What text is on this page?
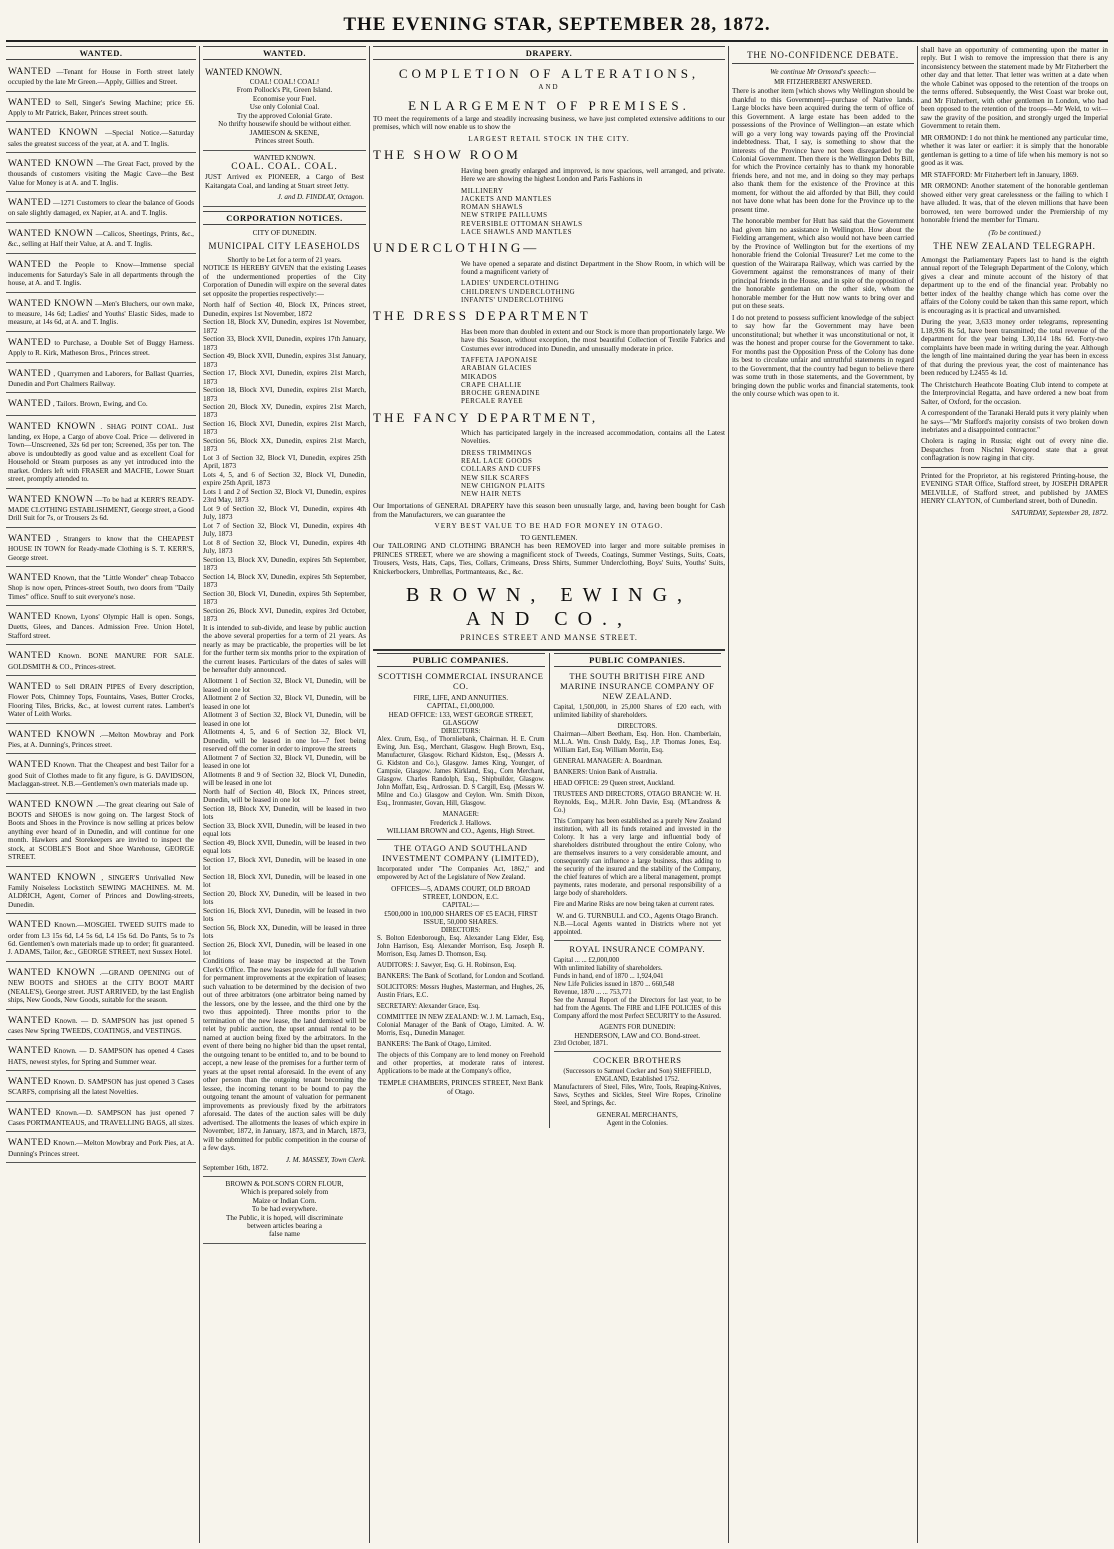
THE EVENING STAR, SEPTEMBER 28, 1872.
WANTED.
WANTED —Tenant for House in Forth street lately occupied by the late Mr Green.—Apply, Gillies and Street.
WANTED to Sell, Singer's Sewing Machine; price £6. Apply to Mr Patrick, Baker, Princes street south.
WANTED KNOWN —Special Notice.—Saturday sales the greatest success of the year, at A. and T. Inglis.
WANTED KNOWN —The Great Fact, proved by the thousands of customers visiting the Magic Cave—the Best Value for Money is at A. and T. Inglis.
WANTED —1271 Customers to clear the balance of Goods on sale slightly damaged, ex Napier, at A. and T. Inglis.
WANTED KNOWN —Calicos, Sheetings, Prints, &c., &c., selling at Half their Value, at A. and T. Inglis.
WANTED the People to Know—Immense special inducements for Saturday's Sale in all departments through the house, at A. and T. Inglis.
WANTED KNOWN —Men's Bluchers, our own make, to measure, 14s 6d; Ladies' and Youths' Elastic Sides, made to measure, at 14s 6d, at A. and T. Inglis.
WANTED to Purchase, a Double Set of Buggy Harness. Apply to R. Kirk, Matheson Bros., Princes street.
WANTED , Quarrymen and Laborers, for Ballast Quarries, Dunedin and Port Chalmers Railway.
WANTED , Tailors. Brown, Ewing, and Co.
WANTED KNOWN . SHAG POINT COAL. Just landing, ex Hope, a Cargo of above Coal. Price — delivered in Town—Unscreened, 32s 6d per ton; Screened, 35s per ton. The above is undoubtedly as good value and as excellent Coal for Household or Steam purposes as any yet introduced into the market. Orders left with FRASER and MACFIE, Lower Stuart street, promptly attended to.
WANTED KNOWN —To be had at KERR'S READY-MADE CLOTHING ESTABLISHMENT, George street, a Good Drill Suit for 7s, or Trousers 2s 6d.
WANTED , Strangers to know that the CHEAPEST HOUSE IN TOWN for Ready-made Clothing is S. T. KERR'S, George street.
WANTED Known, that the "Little Wonder" cheap Tobacco Shop is now open, Princes-street South, two doors from "Daily Times" office. Snuff to suit everyone's nose.
WANTED Known, Lyons' Olympic Hall is open. Songs, Duetts, Glees, and Dances. Admission Free. Union Hotel, Stafford street.
WANTED Known. BONE MANURE FOR SALE. GOLDSMITH & CO., Princes-street.
WANTED to Sell DRAIN PIPES of Every description, Flower Pots, Chimney Tops, Fountains, Vases, Butter Crocks, Flooring Tiles, Bricks, &c., at lowest current rates. Lambert's Water of Leith Works.
WANTED KNOWN .—Melton Mowbray and Pork Pies, at A. Dunning's, Princes street.
WANTED Known. That the Cheapest and best Tailor for a good Suit of Clothes made to fit any figure, is G. DAVIDSON, Maclaggan-street. N.B.—Gentlemen's own materials made up.
WANTED KNOWN .—The great clearing out Sale of BOOTS and SHOES is now going on. The largest Stock of Boots and Shoes in the Province is now selling at prices below anything ever heard of in Dunedin, and will continue for one month. Hawkers and Storekeepers are invited to inspect the stock, at SCOBLE'S Boot and Shoe Warehouse, GEORGE STREET.
WANTED KNOWN , SINGER'S Unrivalled New Family Noiseless Lockstitch SEWING MACHINES. M. M. ALDRICH, Agent, Corner of Princes and Dowling-streets, Dunedin.
WANTED Known.—MOSGIEL TWEED SUITS made to order from L3 15s 6d, L4 5s 6d, L4 15s 6d. Do Pants, 5s to 7s 6d. Gentlemen's own materials made up to order; fit guaranteed. J. ADAMS, Tailor, &c., GEORGE STREET, next Sussex Hotel.
WANTED KNOWN .—GRAND OPENING out of NEW BOOTS and SHOES at the CITY BOOT MART (NEALE'S), George street. JUST ARRIVED, by the last English ships, New Goods, New Goods, suitable for the season.
WANTED Known. — D. SAMPSON has just opened 5 cases New Spring TWEEDS, COATINGS, and VESTINGS.
WANTED Known. — D. SAMPSON has opened 4 Cases HATS, newest styles, for Spring and Summer wear.
WANTED Known. D. SAMPSON has just opened 3 Cases SCARFS, comprising all the latest Novelties.
WANTED Known.—D. SAMPSON has just opened 7 Cases PORTMANTEAUS, and TRAVELLING BAGS, all sizes.
WANTED Known.—Melton Mowbray and Pork Pies, at A. Dunning's Princes street.
WANTED.
WANTED KNOWN.
COAL! COAL! COAL!
From Pollock's Pit, Green Island.
Economise your Fuel.
Use only Colonial Coal.
Try the approved Colonial Grate.
No thrifty housewife should be without either.
JAMIESON & SKENE,
Princes street South.
WANTED KNOWN.
COAL. COAL. COAL.
JUST Arrived ex PIONEER, a Cargo of Best Kaitangata Coal, and landing at Stuart street Jetty.
J. and D. FINDLAY, Octagon.
CORPORATION NOTICES.
CITY OF DUNEDIN.
MUNICIPAL CITY LEASEHOLDS
Shortly to be Let for a term of 21 years.
NOTICE IS HEREBY GIVEN that the existing Leases of the undermentioned properties of the City Corporation of Dunedin will expire on the several dates set opposite the properties respectively:—
North half of Section 40, Block IX, Princes street, Dunedin, expires 1st November, 1872
Section 18, Block XV, Dunedin, expires 1st November, 1872
Section 33, Block XVII, Dunedin, expires 17th January, 1873
Section 49, Block XVII, Dunedin, expires 31st January, 1873
Section 17, Block XVI, Dunedin, expires 21st March, 1873
Section 18, Block XVI, Dunedin, expires 21st March, 1873
Section 20, Block XV, Dunedin, expires 21st March, 1873
Section 16, Block XVI, Dunedin, expires 21st March, 1873
Section 56, Block XX, Dunedin, expires 21st March, 1873
Lot 3 of Section 32, Block VI, Dunedin, expires 25th April, 1873
Lots 4, 5, and 6 of Section 32, Block VI, Dunedin, expire 25th April, 1873
Lots 1 and 2 of Section 32, Block VI, Dunedin, expires 23rd May, 1873
Lot 9 of Section 32, Block VI, Dunedin, expires 4th July, 1873
Lot 7 of Section 32, Block VI, Dunedin, expires 4th July, 1873
Lot 8 of Section 32, Block VI, Dunedin, expires 4th July, 1873
Section 13, Block XV, Dunedin, expires 5th September, 1873
Section 14, Block XV, Dunedin, expires 5th September, 1873
Section 30, Block VI, Dunedin, expires 5th September, 1873
Section 26, Block XVI, Dunedin, expires 3rd October, 1873
It is intended to sub-divide, and lease by public auction the above several properties for a term of 21 years. As nearly as may be practicable, the properties will be let for the further term six months prior to the expiration of the current leases. Particulars of the dates of sales will be hereafter duly announced.
Allotment 1 of Section 32, Block VI, Dunedin, will be leased in one lot
Allotment 2 of Section 32, Block VI, Dunedin, will be leased in one lot
Allotment 3 of Section 32, Block VI, Dunedin, will be leased in one lot
Allotments 4, 5, and 6 of Section 32, Block VI, Dunedin, will be leased in one lot—7 feet being reserved off the corner in order to improve the streets
Allotment 7 of Section 32, Block VI, Dunedin, will be leased in one lot
Allotments 8 and 9 of Section 32, Block VI, Dunedin, will be leased in one lot
North half of Section 40, Block IX, Princes street, Dunedin, will be leased in one lot
Section 18, Block XV, Dunedin, will be leased in two lots
Section 33, Block XVII, Dunedin, will be leased in two equal lots
Section 49, Block XVII, Dunedin, will be leased in two equal lots
Section 17, Block XVI, Dunedin, will be leased in one lot
Section 18, Block XVI, Dunedin, will be leased in one lot
Section 20, Block XV, Dunedin, will be leased in two lots
Section 16, Block XVI, Dunedin, will be leased in two lots
Section 56, Block XX, Dunedin, will be leased in three lots
Section 26, Block XVI, Dunedin, will be leased in one lot
Conditions of lease may be inspected at the Town Clerk's Office. The new leases provide for full valuation for permanent improvements at the expiration of leases; such valuation to be determined by the decision of two out of three arbitrators (one arbitrator being named by the lessors, one by the lessee, and the third one by the two thus appointed). Three months prior to the termination of the new lease, the land demised will be relet by public auction, the upset annual rental to be named at auction being fixed by the arbitrators. In the event of there being no higher bid than the upset rental, the outgoing tenant to be entitled to, and to be bound to accept, a new lease of the premises for a further term of years at the upset rental aforesaid. In the event of any other person than the outgoing tenant becoming the lessee, the incoming tenant to be bound to pay the outgoing tenant the amount of valuation for permanent improvements as previously fixed by the arbitrators aforesaid. The dates of the auction sales will be duly advertised. The allotments the leases of which expire in November, 1872, in January, 1873, and in March, 1873, will be submitted for public competition in the course of a few days.
J. M. MASSEY, Town Clerk.
September 16th, 1872.
BROWN & POLSON'S CORN FLOUR,
Which is prepared solely from
Maize or Indian Corn.
To be had everywhere.
The Public, it is hoped, will discriminate
between articles bearing a
false name
DRAPERY.
COMPLETION OF ALTERATIONS,
AND
ENLARGEMENT OF PREMISES.
TO meet the requirements of a large and steadily increasing business, we have just completed extensive additions to our premises, which will now enable us to show the
LARGEST RETAIL STOCK IN THE CITY.
THE SHOW ROOM
Having been greatly enlarged and improved, is now spacious, well arranged, and private. Here we are showing the highest London and Paris Fashions in
MILLINERY
JACKETS AND MANTLES
ROMAN SHAWLS
NEW STRIPE PAILLUMS
REVERSIBLE OTTOMAN SHAWLS
LACE SHAWLS AND MANTLES
UNDERCLOTHING—
We have opened a separate and distinct Department in the Show Room, in which will be found a magnificent variety of
LADIES' UNDERCLOTHING
CHILDREN'S UNDERCLOTHING
INFANTS' UNDERCLOTHING
THE DRESS DEPARTMENT
Has been more than doubled in extent and our Stock is more than proportionately large. We have this Season, without exception, the most beautiful Collection of Textile Fabrics and Costumes ever introduced into Dunedin, and unusually moderate in price.
TAFFETA JAPONAISE
ARABIAN GLACIES
MIKADOS
CRAPE CHALLIE
BROCHE GRENADINE
PERCALE RAYEE
THE FANCY DEPARTMENT,
Which has participated largely in the increased accommodation, contains all the Latest Novelties.
DRESS TRIMMINGS
REAL LACE GOODS
COLLARS AND CUFFS
NEW SILK SCARFS
NEW CHIGNON PLAITS
NEW HAIR NETS
Our Importations of GENERAL DRAPERY have this season been unusually large, and, having been bought for Cash from the Manufacturers, we can guarantee the
VERY BEST VALUE TO BE HAD FOR MONEY IN OTAGO.
TO GENTLEMEN.
Our TAILORING AND CLOTHING BRANCH has been REMOVED into larger and more suitable premises in PRINCES STREET, where we are showing a magnificent stock of Tweeds, Coatings, Summer Vestings, Suits, Coats, Trousers, Vests, Hats, Caps, Ties, Collars, Crimeans, Dress Shirts, Summer Underclothing, Boys' Suits, Youths' Suits, Knickerbockers, Umbrellas, Portmanteaus, &c., &c.
BROWN, EWING, AND CO.,
PRINCES STREET AND MANSE STREET.
PUBLIC COMPANIES.
SCOTTISH COMMERCIAL INSURANCE CO.
FIRE, LIFE, AND ANNUITIES.
CAPITAL, £1,000,000.
HEAD OFFICE: 133, WEST GEORGE STREET, GLASGOW
DIRECTORS:
Alex. Crum, Esq., of Thornliebank, Chairman. H. E. Crum Ewing, Jun. Esq., Merchant, Glasgow. Hugh Brown, Esq., Manufacturer, Glasgow. Richard Kidston, Esq., (Messrs A. G. Kidston and Co.), Glasgow. James King, Younger, of Campsie, Glasgow. James Kirkland, Esq., Corn Merchant, Glasgow. Charles Randolph, Esq., Shipbuilder, Glasgow. John Moffatt, Esq., Ardrossan. D. S Cargill, Esq. (Messrs W. Milne and Co.) Glasgow and Ceylon. Wm. Smith Dixon, Esq., Ironmaster, Govan, Hill, Glasgow.
MANAGER:
Frederick J. Hallows.
WILLIAM BROWN and CO., Agents, High Street.
THE OTAGO AND SOUTHLAND INVESTMENT COMPANY (LIMITED),
Incorporated under "The Companies Act, 1862," and empowered by Act of the Legislature of New Zealand.
OFFICES—5, ADAMS COURT, OLD BROAD STREET, LONDON, E.C.
CAPITAL:—
£500,000 in 100,000 SHARES OF £5 EACH, FIRST ISSUE, 50,000 SHARES.
DIRECTORS:
S. Bolton Edenborough, Esq. Alexander Lang Elder, Esq. John Harrison, Esq. Alexander Morrison, Esq. Joseph R. Morrison, Esq. James D. Thomson, Esq.
AUDITORS: J. Sawyer, Esq. G. H. Robinson, Esq.
BANKERS: The Bank of Scotland, for London and Scotland.
SOLICITORS: Messrs Hughes, Masterman, and Hughes, 26, Austin Friars, E.C.
SECRETARY: Alexander Grace, Esq.
COMMITTEE IN NEW ZEALAND: W. J. M. Larnach, Esq., Colonial Manager of the Bank of Otago, Limited. A. W. Morris, Esq., Dunedin Manager.
BANKERS: The Bank of Otago, Limited.
The objects of this Company are to lend money on Freehold and other properties, at moderate rates of interest. Applications to be made at the Company's office,
TEMPLE CHAMBERS, PRINCES STREET, Next Bank of Otago.
PUBLIC COMPANIES.
THE SOUTH BRITISH FIRE AND MARINE INSURANCE COMPANY OF NEW ZEALAND.
Capital, 1,500,000, in 25,000 Shares of £20 each, with unlimited liability of shareholders.
DIRECTORS.
Chairman—Albert Beetham, Esq. Hon. Hon. Chamberlain, M.L.A. Wm. Crush Daldy, Esq., J.P. Thomas Jones, Esq. William Earl, Esq. William Morrin, Esq.
GENERAL MANAGER: A. Boardman.
BANKERS: Union Bank of Australia.
HEAD OFFICE: 29 Queen street, Auckland.
TRUSTEES AND DIRECTORS, OTAGO BRANCH: W. H. Reynolds, Esq., M.H.R. John Davie, Esq. (M'Landress & Co.)
This Company has been established as a purely New Zealand institution, with all its funds retained and invested in the Colony. It has a very large and influential body of shareholders distributed throughout the entire Colony, who are themselves insurers to a very considerable amount, and consequently can influence a large business, thus adding to the security of the insured and the stability of the Company, the chief features of which are a liberal management, prompt payments, rates moderate, and personal responsibility of a large body of shareholders.
Fire and Marine Risks are now being taken at current rates.
W. and G. TURNBULL and CO., Agents Otago Branch.
N.B.—Local Agents wanted in Districts where not yet appointed.
ROYAL INSURANCE COMPANY.
Capital ... ... £2,000,000
With unlimited liability of shareholders.
Funds in hand, end of 1870 ... 1,924,041
New Life Policies issued in 1870 ... 660,548
Revenue, 1870 ... ... 753,771
See the Annual Report of the Directors for last year, to be had from the Agents. The FIRE and LIFE POLICIES of this Company afford the most Perfect SECURITY to the Assured.
AGENTS FOR DUNEDIN:
HENDERSON, LAW and CO. Bond-street.
23rd October, 1871.
COCKER BROTHERS
(Successors to Samuel Cocker and Son) SHEFFIELD, ENGLAND, Established 1752.
Manufacturers of Steel, Files, Wire, Tools, Reaping-Knives, Saws, Scythes and Sickles, Steel Wire Ropes, Crinoline Steel, and Springs, &c.
GENERAL MERCHANTS,
Agent in the Colonies.
THE NO-CONFIDENCE DEBATE.
We continue Mr Ormond's speech:—
MR FITZHERBERT ANSWERED.

There is another item [which shows why Wellington should be thankful to this Government]—purchase of Native lands. Large blocks have been acquired during the term of office of this Government. A large estate has been added to the possessions of the Province of Wellington—an estate which will go a very long way towards paying off the Provincial indebtedness. That, I say, is something to show that the interests of the Province have not been disregarded by the Colonial Government. Then there is the Wellington Debts Bill, for which the Province certainly has to thank my honorable friends here, and not me, and in doing so they may perhaps also thank them for the existence of the Province at this moment, for without the aid afforded by that Bill, they could not have done what has been done for the Province up to the present time.

The honorable member for Hutt has said that the Government had given him no assistance in Wellington. How about the Fielding arrangement, which also would not have been carried by the Province of Wellington but for the exertions of my honorable friend the Colonial Treasurer? Let me come to the question of the Wairarapa Railway, which was carried by the Government against the remonstrances of many of their principal friends in the House, and in spite of the opposition of the honorable gentleman on the other side, whom the honorable member for the Hutt now wants to bring over and put on these seats.

I do not pretend to possess sufficient knowledge of the subject to say how far the Government may have been unconstitutional; but whether it was unconstitutional or not, it was the honest and proper course for the Government to take. For months past the Opposition Press of the Colony has done its best to circulate unfair and untruthful statements in regard to the Government, that the country had begun to believe there was some truth in those statements, and the Government, by bringing down the public works and financial statements, took the only course which was open to it.

shall have an opportunity of commenting upon the matter in reply. But I wish to remove the impression that there is any inconsistency between the statement made by Mr Fitzherbert the other day and that letter. That letter was written at a date when the whole Cabinet was opposed to the retention of the troops on the terms offered. Subsequently, the West Coast war broke out, and Mr Fitzherbert, with other gentlemen in London, who had been opposed to the retention of the troops—Mr Weld, to wit—saw the gravity of the position, and strongly urged the Imperial Government to retain them.

MR ORMOND: I do not think he mentioned any particular time, whether it was later or earlier: it is simply that the honorable gentleman is getting to a time of life when his memory is not so good as it was.

MR STAFFORD: Mr Fitzherbert left in January, 1869.

MR ORMOND: Another statement of the honorable gentleman showed either very great carelessness or the failing to which I have alluded. It was, that of the eleven millions that have been borrowed, ten were borrowed under the Premiership of my honorable friend the member for Timaru.

(To be continued.)
THE NEW ZEALAND TELEGRAPH.

Amongst the Parliamentary Papers last to hand is the eighth annual report of the Telegraph Department of the Colony, which gives a clear and minute account of the history of that department up to the end of the financial year. Probably no better index of the healthy change which has come over the affairs of the Colony could be taken than this same report, which is encouraging as it is practical and unvarnished.

During the year, 3,633 money order telegrams, representing L18,936 8s 5d, have been transmitted; the total revenue of the department for the year being L30,114 18s 6d. Forty-two complaints have been made in writing during the year. Although the length of line maintained during the year has been in excess of that during the previous year, the cost of maintenance has been reduced by L2455 4s 1d.

The Christchurch Heathcote Boating Club intend to compete at the Interprovincial Regatta, and have ordered a new boat from Salter, of Oxford, for the occasion.

A correspondent of the Taranaki Herald puts it very plainly when he says—"Mr Stafford's majority consists of two broken down inebriates and a disappointed contractor."

Cholera is raging in Russia; eight out of every nine die. Despatches from Nischni Novgorod state that a great conflagration is now raging in that city.

Printed for the Proprietor, at his registered Printing-house, the EVENING STAR Office, Stafford street, by JOSEPH DRAPER MELVILLE, of Stafford street, and published by JAMES HENRY CLAYTON, of Cumberland street, both of Dunedin.
SATURDAY, September 28, 1872.
